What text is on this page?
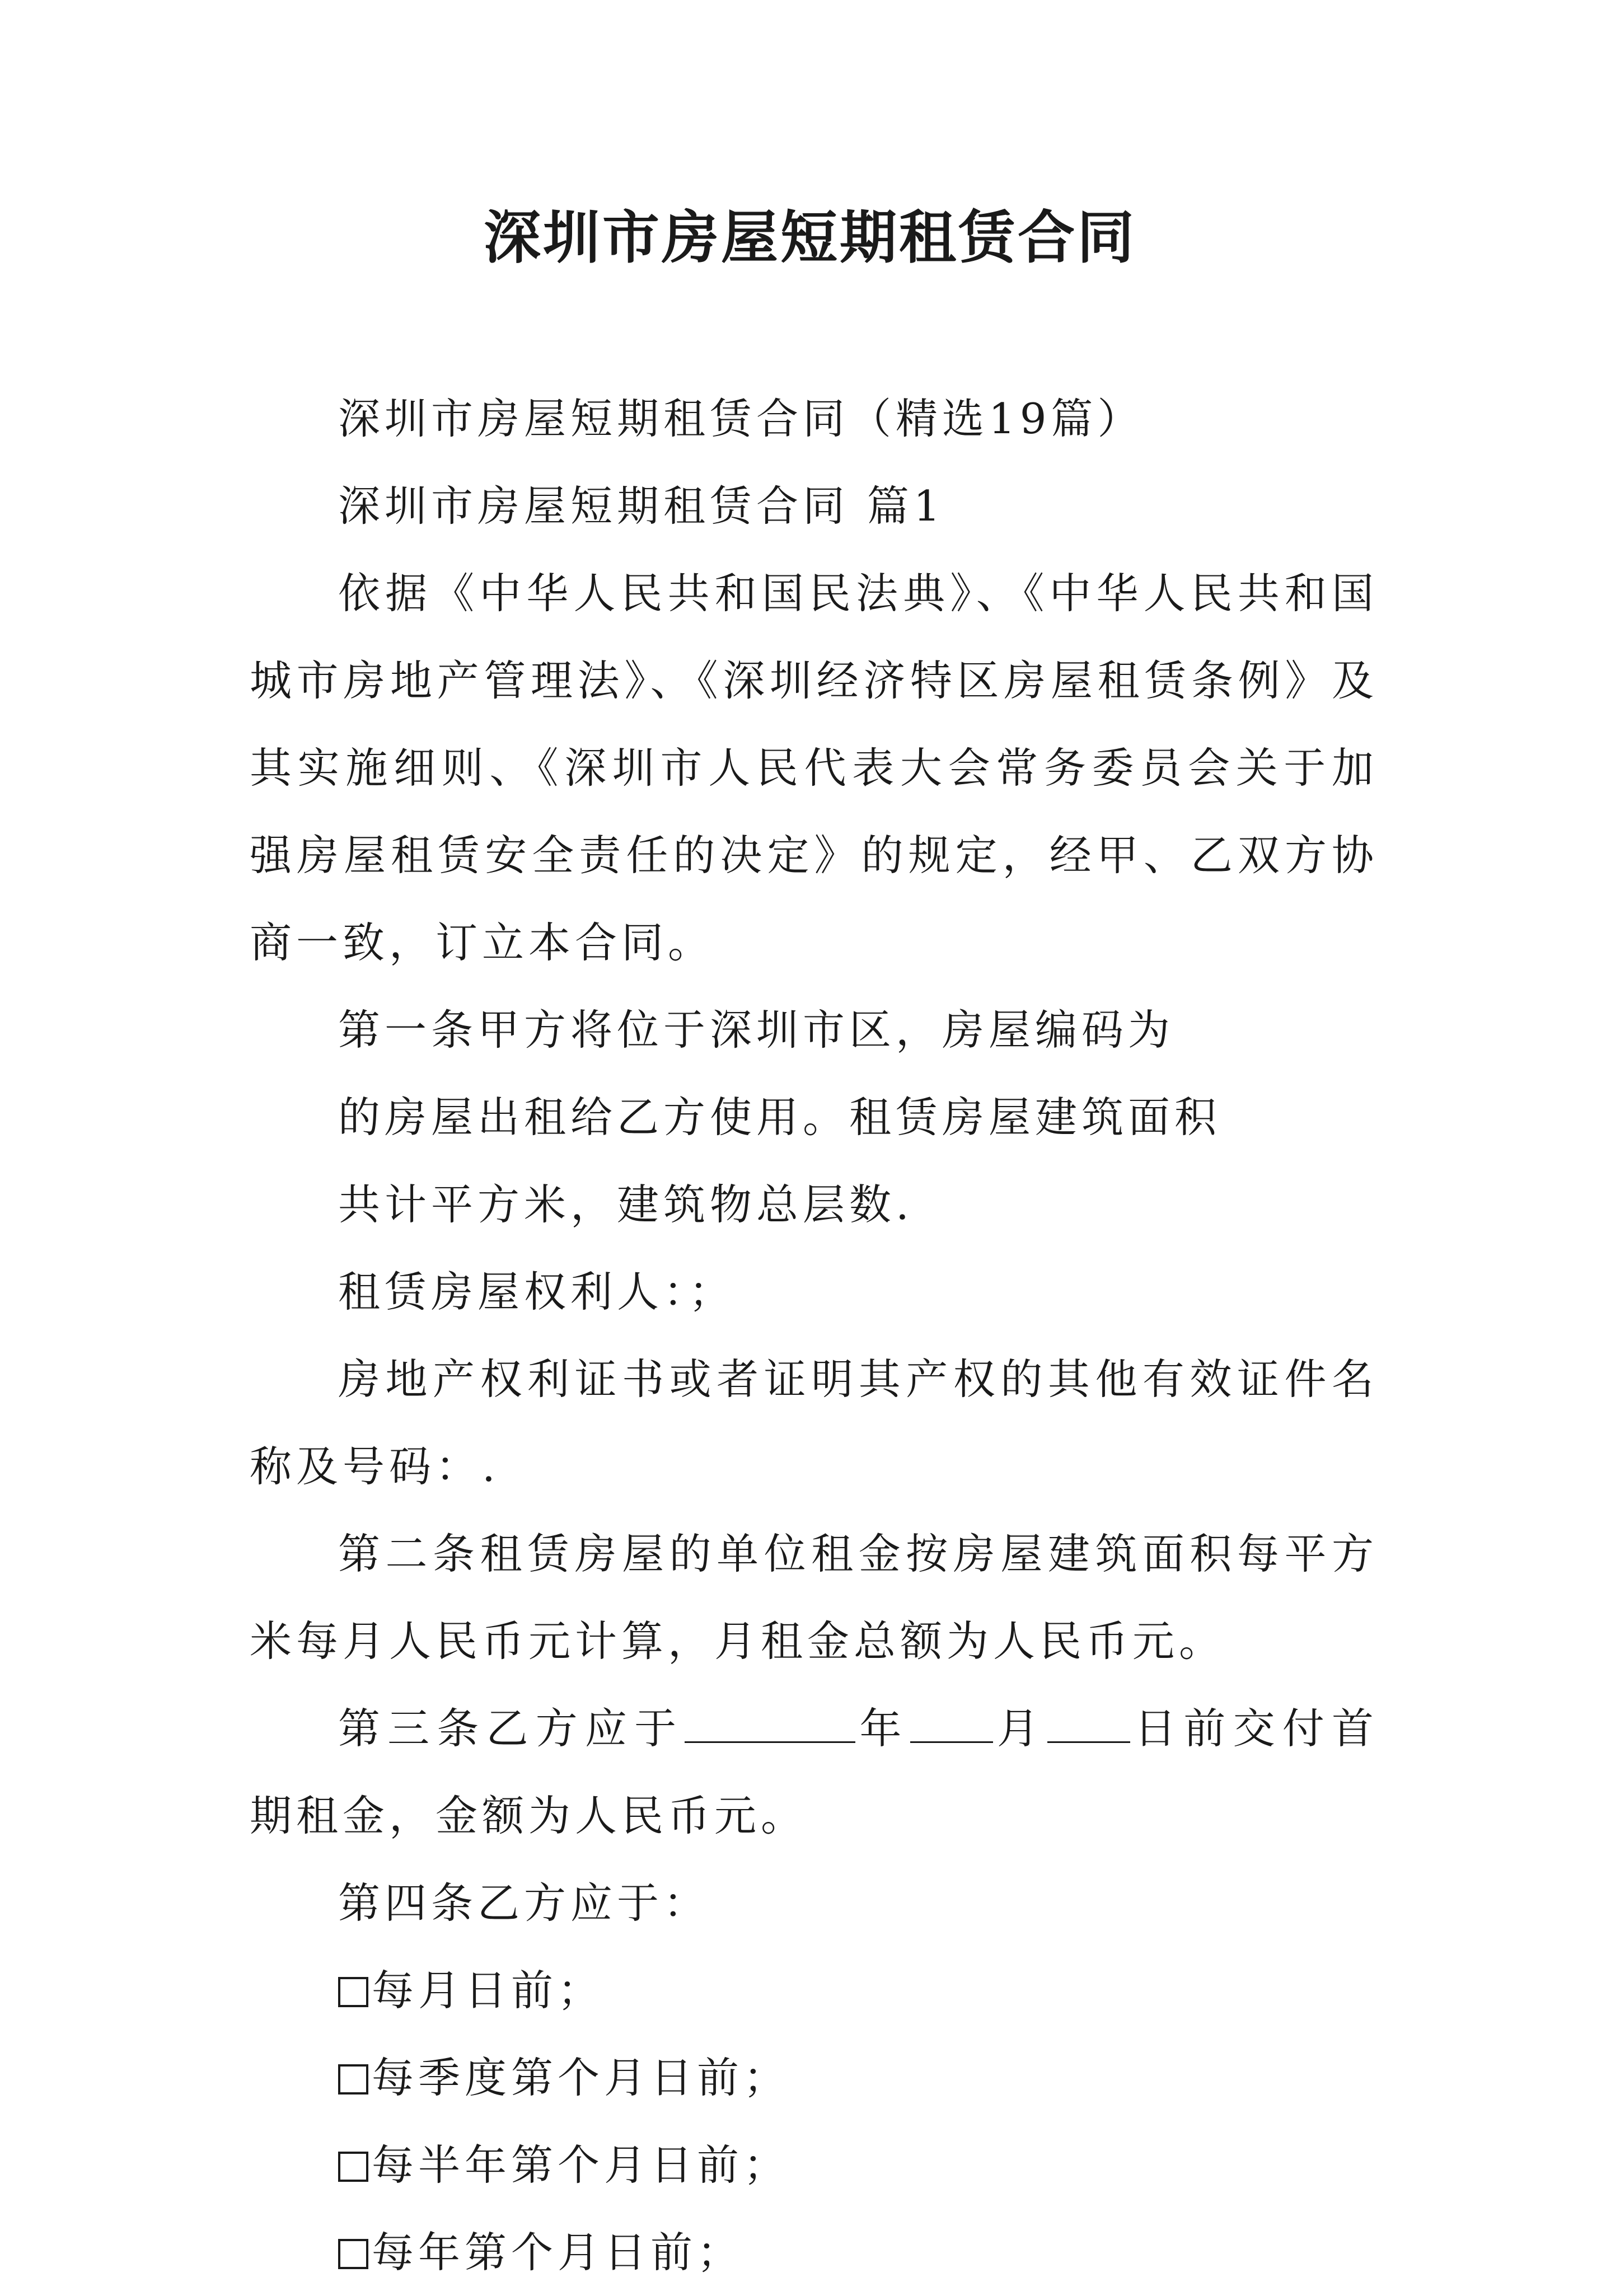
深圳市房屋短期租赁合同

深圳市房屋短期租赁合同（精选19篇）

深圳市房屋短期租赁合同 篇1

依据《中华人民共和国民法典》、《中华人民共和国城市房地产管理法》、《深圳经济特区房屋租赁条例》及其实施细则、《深圳市人民代表大会常务委员会关于加强房屋租赁安全责任的决定》的规定，经甲、乙双方协商一致，订立本合同。

第一条甲方将位于深圳市区，房屋编码为

的房屋出租给乙方使用。租赁房屋建筑面积

共计平方米，建筑物总层数.

租赁房屋权利人：；

房地产权利证书或者证明其产权的其他有效证件名称及号码：.

第二条租赁房屋的单位租金按房屋建筑面积每平方米每月人民币元计算，月租金总额为人民币元。

第三条乙方应于	年 月 日前交付首期租金，金额为人民币元。

第四条乙方应于：

每月日前；

每季度第个月日前；

每半年第个月日前；

每年第个月日前；
